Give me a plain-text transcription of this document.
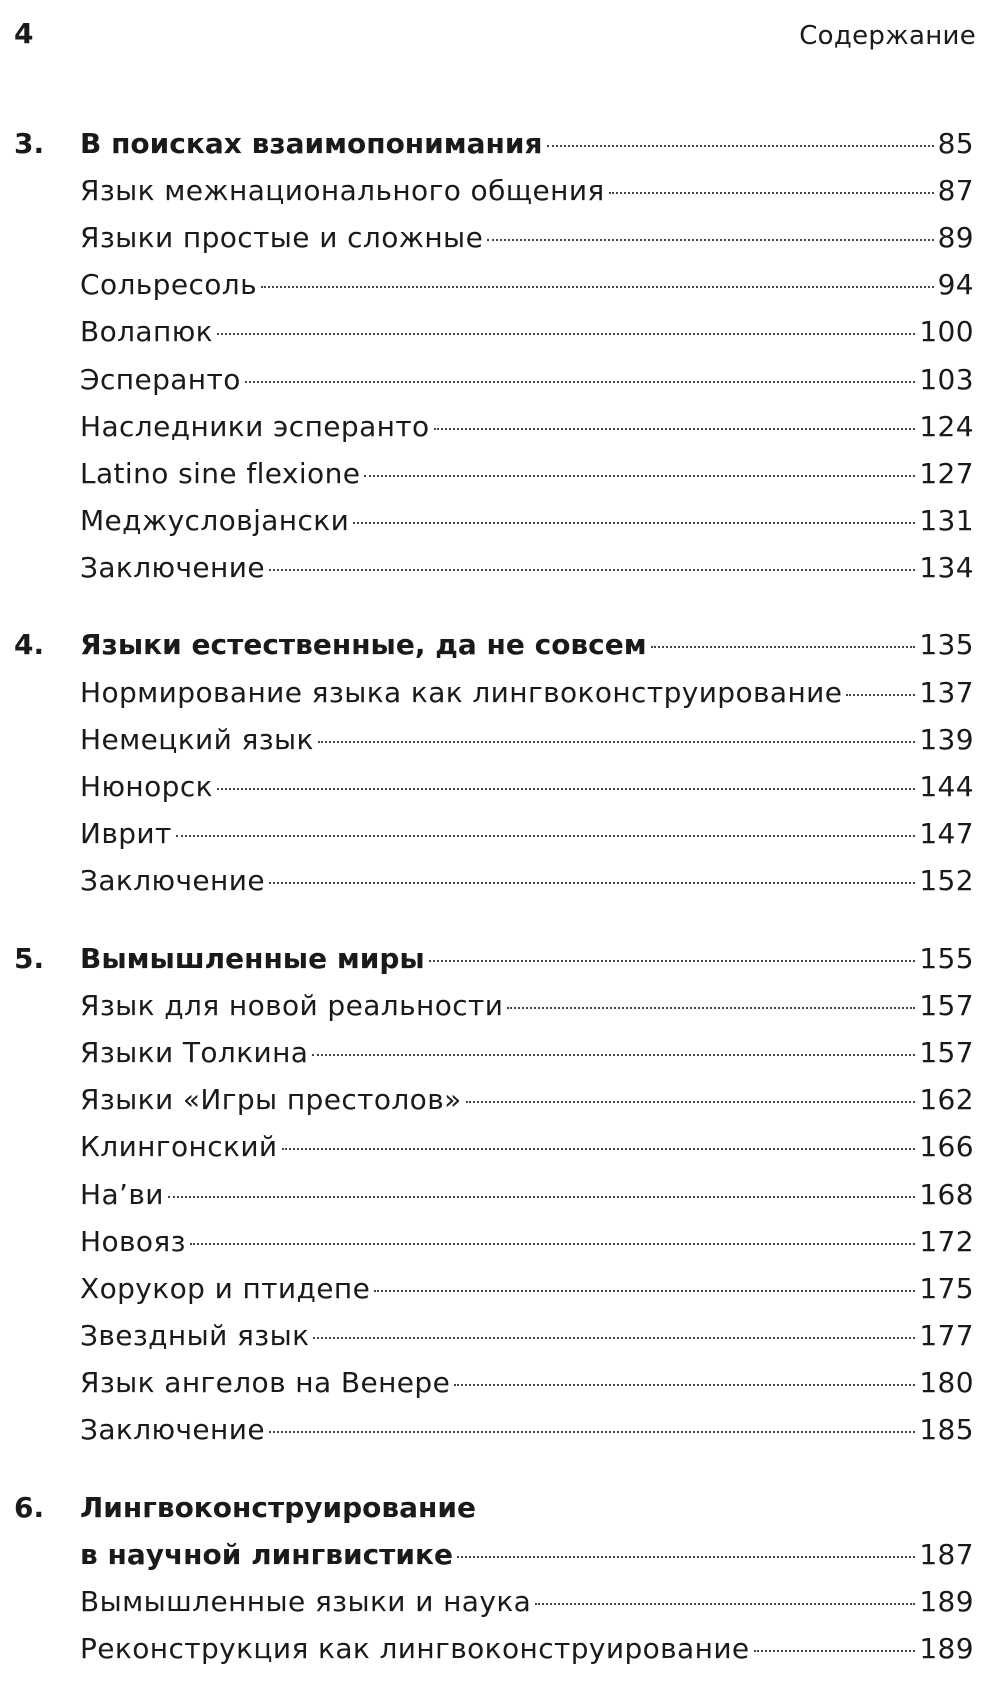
4	Содержание
3.	В поисках взаимопонимания	85
Язык межнационального общения	87
Языки простые и сложные	89
Сольресоль	94
Волапюк	100
Эсперанто	103
Наследники эсперанто	124
Latino sine flexione	127
Меджусловjански	131
Заключение	134
4.	Языки естественные, да не совсем	135
Нормирование языка как лингвоконструирование	137
Немецкий язык	139
Нюнорск	144
Иврит	147
Заключение	152
5.	Вымышленные миры	155
Язык для новой реальности	157
Языки Толкина	157
Языки «Игры престолов»	162
Клингонский	166
На’ви	168
Новояз	172
Хорукор и птидепе	175
Звездный язык	177
Язык ангелов на Венере	180
Заключение	185
6.	Лингвоконструирование
в научной лингвистике	187
Вымышленные языки и наука	189
Реконструкция как лингвоконструирование	189
